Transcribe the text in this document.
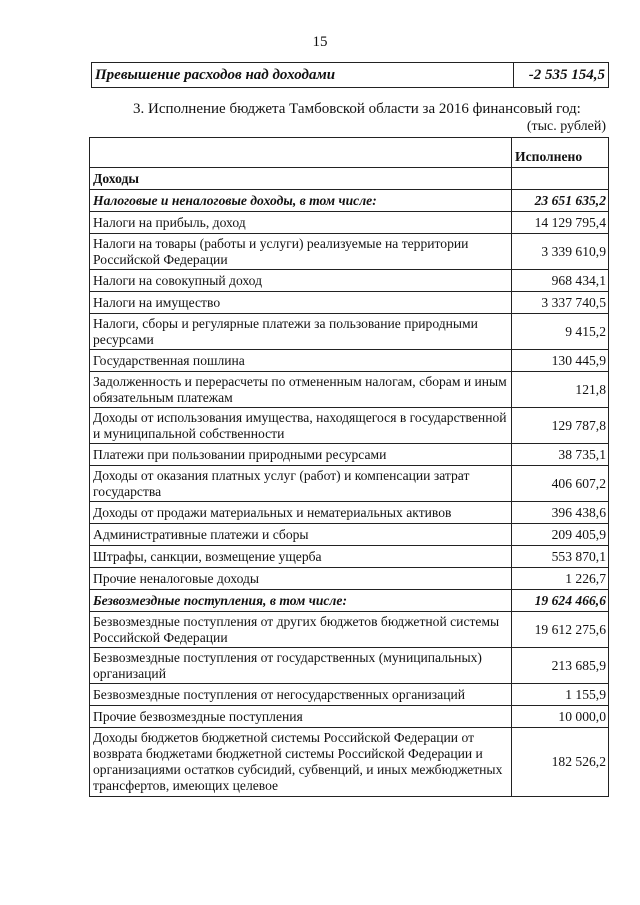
15
Превышение расходов над доходами	-2 535 154,5
3. Исполнение бюджета Тамбовской области за 2016 финансовый год:
(тыс. рублей)
	Исполнено
Доходы	
Налоговые и неналоговые доходы, в том числе:	23 651 635,2
Налоги на прибыль, доход	14 129 795,4
Налоги на товары (работы и услуги) реализуемые на территории Российской Федерации	3 339 610,9
Налоги на совокупный доход	968 434,1
Налоги на имущество	3 337 740,5
Налоги, сборы и регулярные платежи за пользование природными ресурсами	9 415,2
Государственная пошлина	130 445,9
Задолженность и перерасчеты по отмененным налогам, сборам и иным обязательным платежам	121,8
Доходы от использования имущества, находящегося в государственной и муниципальной собственности	129 787,8
Платежи при пользовании природными ресурсами	38 735,1
Доходы от оказания платных услуг (работ) и компенсации затрат государства	406 607,2
Доходы от продажи материальных и нематериальных активов	396 438,6
Административные платежи и сборы	209 405,9
Штрафы, санкции, возмещение ущерба	553 870,1
Прочие неналоговые доходы	1 226,7
Безвозмездные поступления, в том числе:	19 624 466,6
Безвозмездные поступления от других бюджетов бюджетной системы Российской Федерации	19 612 275,6
Безвозмездные поступления от государственных (муниципальных) организаций	213 685,9
Безвозмездные поступления от негосударственных организаций	1 155,9
Прочие безвозмездные поступления	10 000,0
Доходы бюджетов бюджетной системы Российской Федерации от возврата бюджетами бюджетной системы Российской Федерации и организациями остатков субсидий, субвенций, и иных межбюджетных трансфертов, имеющих целевое	182 526,2
